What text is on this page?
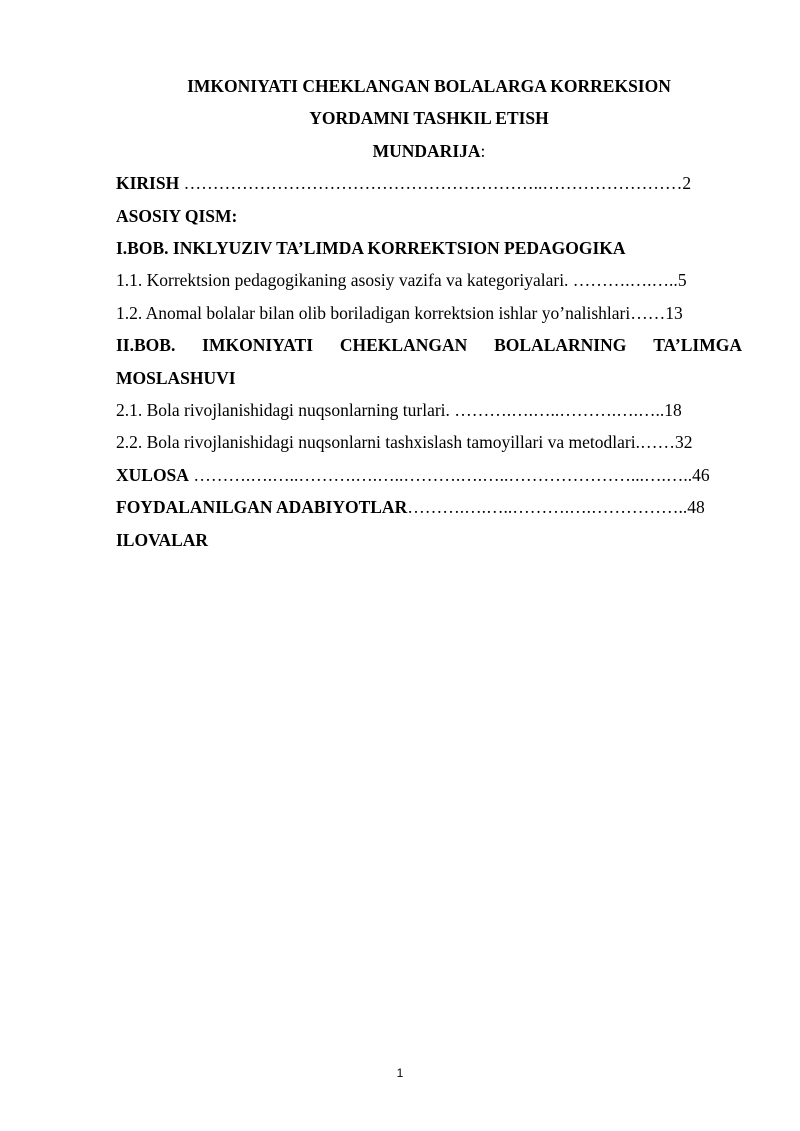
IMKONIYATI CHEKLANGAN BOLALARGA KORREKSION
YORDAMNI TASHKIL ETISH
MUNDARIJA:
KIRISH ……………………………………………………..……………………2
ASOSIY QISM:
I.BOB. INKLYUZIV TA’LIMDA KORREKTSION PEDAGOGIKA
1.1. Korrektsion pedagogikaning asosiy vazifa va kategoriyalari. ……….….…..5
1.2. Anomal bolalar bilan olib boriladigan korrektsion ishlar yo’nalishlari……13
II.BOB. IMKONIYATI CHEKLANGAN BOLALARNING TA’LIMGA
MOSLASHUVI
2.1. Bola rivojlanishidagi nuqsonlarning turlari. ……….….…..……….….…..18
2.2. Bola rivojlanishidagi nuqsonlarni tashxislash tamoyillari va metodlari.……32
XULOSA ……….….…..……….….…..……….….…..…………………...….…..46
FOYDALANILGAN ADABIYOTLAR……….….…..……….….……………..48
ILOVALAR
1
